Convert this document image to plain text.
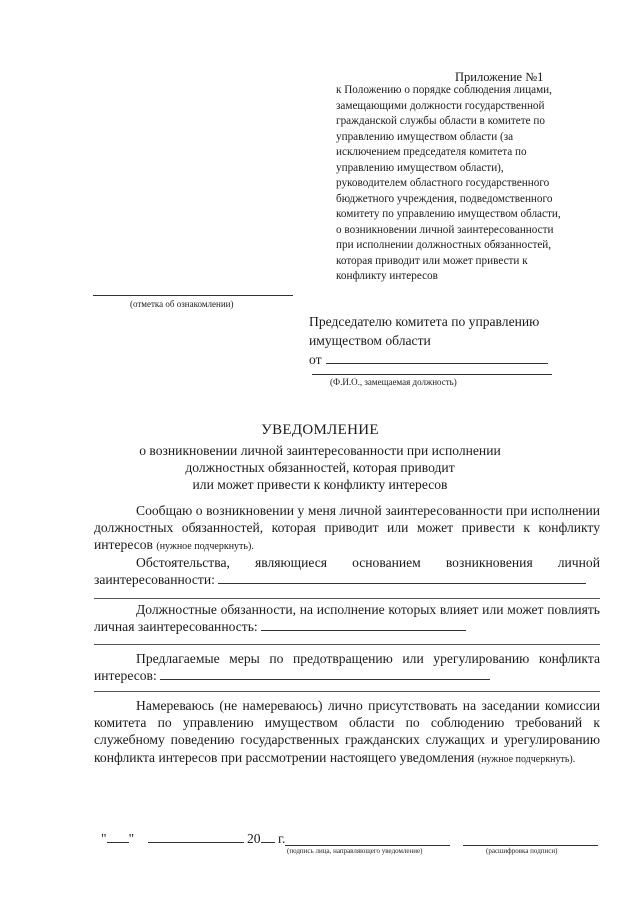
Приложение №1
к Положению о порядке соблюдения лицами,
замещающими должности государственной
гражданской службы области в комитете по
управлению имуществом области (за
исключением председателя комитета по
управлению имуществом области),
руководителем областного государственного
бюджетного учреждения, подведомственного
комитету по управлению имуществом области,
о возникновении личной заинтересованности
при исполнении должностных обязанностей,
которая приводит или может привести к
конфликту интересов
(отметка об ознакомлении)
Председателю комитета по управлению
имуществом области
от
(Ф.И.О., замещаемая должность)
УВЕДОМЛЕНИЕ
о возникновении личной заинтересованности при исполнении
должностных обязанностей, которая приводит
или может привести к конфликту интересов
Сообщаю о возникновении у меня личной заинтересованности при исполнении должностных обязанностей, которая приводит или может привести к конфликту интересов (нужное подчеркнуть).
Обстоятельства, являющиеся основанием возникновения личной заинтересованности:
Должностные обязанности, на исполнение которых влияет или может повлиять личная заинтересованность:
Предлагаемые меры по предотвращению или урегулированию конфликта интересов:
Намереваюсь (не намереваюсь) лично присутствовать на заседании комиссии комитета по управлению имуществом области по соблюдению требований к служебному поведению государственных гражданских служащих и урегулированию конфликта интересов при рассмотрении настоящего уведомления (нужное подчеркнуть).
" "	20 г.
(подпись лица, направляющего уведомление)	(расшифровка подписи)
